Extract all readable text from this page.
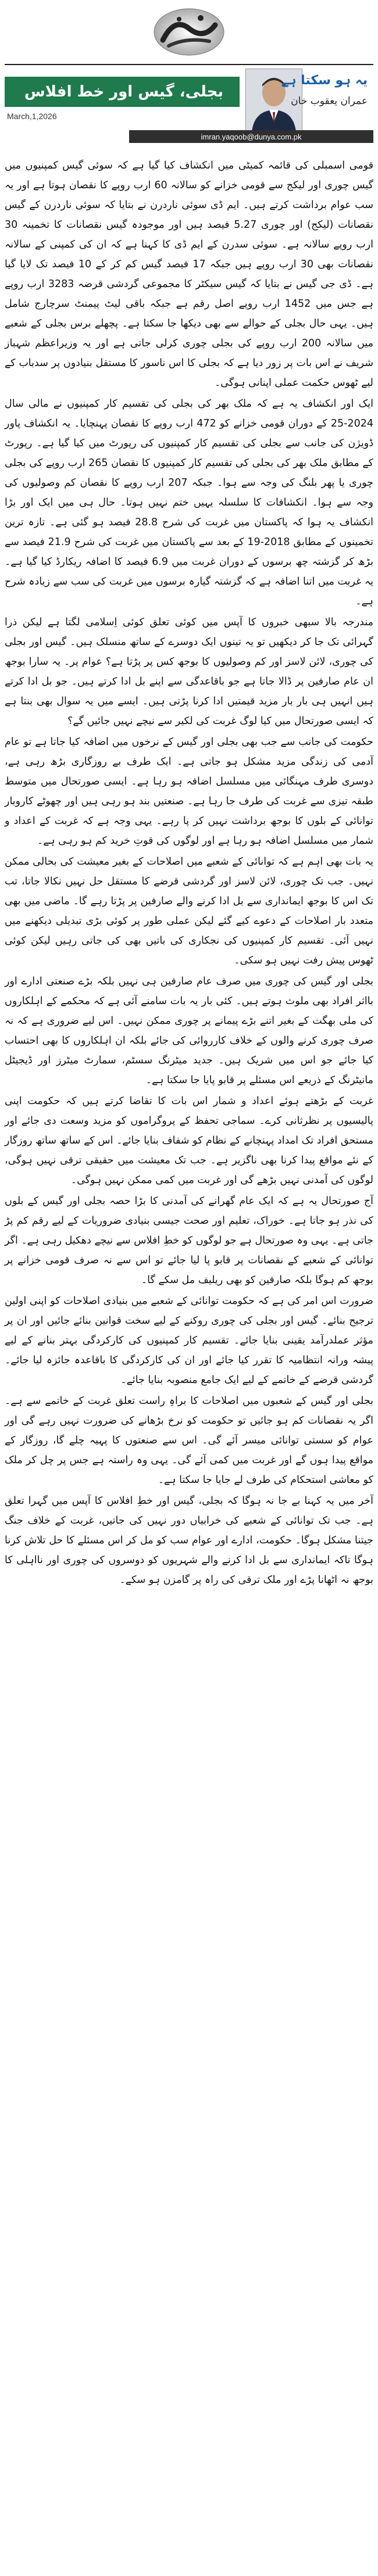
بجلی، گیس اور خط افلاس
March,1,2026
یہ ہو سکتا ہے
عمران یعقوب خان
imran.yaqoob@dunya.com.pk

قومی اسمبلی کی قائمہ کمیٹی میں انکشاف کیا گیا ہے کہ سوئی گیس کمپنیوں میں گیس چوری اور لیکج سے قومی خزانے کو سالانہ 60 ارب روپے کا نقصان ہوتا ہے اور یہ سب عوام برداشت کرتے ہیں۔ ایم ڈی سوئی ناردرن نے بتایا کہ سوئی ناردرن کے گیس نقصانات (لیکج) اور چوری 5.27 فیصد ہیں اور موجودہ گیس نقصانات کا تخمینہ 30 ارب روپے سالانہ ہے۔ سوئی سدرن کے ایم ڈی کا کہنا ہے کہ ان کی کمپنی کے سالانہ نقصانات بھی 30 ارب روپے ہیں جبکہ 17 فیصد گیس کم کر کے 10 فیصد تک لایا گیا ہے۔ ڈی جی گیس نے بتایا کہ گیس سیکٹر کا مجموعی گردشی قرضہ 3283 ارب روپے ہے جس میں 1452 ارب روپے اصل رقم ہے جبکہ باقی لیٹ پیمنٹ سرچارج شامل ہیں۔ یہی حال بجلی کے حوالے سے بھی دیکھا جا سکتا ہے۔ پچھلے برس بجلی کے شعبے میں سالانہ 200 ارب روپے کی بجلی چوری کرلی جاتی ہے اور یہ وزیراعظم شہباز شریف نے اس بات پر زور دیا ہے کہ بجلی کا اس ناسور کا مستقل بنیادوں پر سدباب کے لیے ٹھوس حکمت عملی اپنانی ہوگی۔

ایک اور انکشاف یہ ہے کہ ملک بھر کی بجلی کی تقسیم کار کمپنیوں نے مالی سال 2024-25 کے دوران قومی خزانے کو 472 ارب روپے کا نقصان پہنچایا۔ یہ انکشاف پاور ڈویژن کی جانب سے بجلی کی تقسیم کار کمپنیوں کی رپورٹ میں کیا گیا ہے۔ رپورٹ کے مطابق ملک بھر کی بجلی کی تقسیم کار کمپنیوں کا نقصان 265 ارب روپے کی بجلی چوری یا پھر بلنگ کی وجہ سے ہوا۔ جبکہ 207 ارب روپے کا نقصان کم وصولیوں کی وجہ سے ہوا۔ انکشافات کا سلسلہ یہیں ختم نہیں ہوتا۔ حال ہی میں ایک اور بڑا انکشاف یہ ہوا کہ پاکستان میں غربت کی شرح 28.8 فیصد ہو گئی ہے۔ تازہ ترین تخمینوں کے مطابق 2018-19 کے بعد سے پاکستان میں غربت کی شرح 21.9 فیصد سے بڑھ کر گزشتہ چھ برسوں کے دوران غربت میں 6.9 فیصد کا اضافہ ریکارڈ کیا گیا ہے۔ یہ غربت میں اتنا اضافہ ہے کہ گزشتہ گیارہ برسوں میں غربت کی سب سے زیادہ شرح ہے۔

مندرجہ بالا سبھی خبروں کا آپس میں کوئی تعلق کوئی اِسلامی لگتا ہے لیکن ذرا گہرائی تک جا کر دیکھیں تو یہ تینوں ایک دوسرے کے ساتھ منسلک ہیں۔ گیس اور بجلی کی چوری، لائن لاسز اور کم وصولیوں کا بوجھ کس پر پڑتا ہے؟ عوام پر۔ یہ سارا بوجھ ان عام صارفین پر ڈالا جاتا ہے جو باقاعدگی سے اپنے بل ادا کرتے ہیں۔ جو بل ادا کرتے ہیں انہیں ہی بار بار مزید قیمتیں ادا کرنا پڑتی ہیں۔ ایسے میں یہ سوال بھی بنتا ہے کہ ایسی صورتحال میں کیا لوگ غربت کی لکیر سے نیچے نہیں جائیں گے؟

حکومت کی جانب سے جب بھی بجلی اور گیس کے نرخوں میں اضافہ کیا جاتا ہے تو عام آدمی کی زندگی مزید مشکل ہو جاتی ہے۔ ایک طرف بے روزگاری بڑھ رہی ہے، دوسری طرف مہنگائی میں مسلسل اضافہ ہو رہا ہے۔ ایسی صورتحال میں متوسط طبقہ تیزی سے غربت کی طرف جا رہا ہے۔ صنعتیں بند ہو رہی ہیں اور چھوٹے کاروبار توانائی کے بلوں کا بوجھ برداشت نہیں کر پا رہے۔ یہی وجہ ہے کہ غربت کے اعداد و شمار میں مسلسل اضافہ ہو رہا ہے اور لوگوں کی قوتِ خرید کم ہو رہی ہے۔

یہ بات بھی اہم ہے کہ توانائی کے شعبے میں اصلاحات کے بغیر معیشت کی بحالی ممکن نہیں۔ جب تک چوری، لائن لاسز اور گردشی قرضے کا مستقل حل نہیں نکالا جاتا، تب تک اس کا بوجھ ایمانداری سے بل ادا کرنے والے صارفین پر پڑتا رہے گا۔ ماضی میں بھی متعدد بار اصلاحات کے دعوے کیے گئے لیکن عملی طور پر کوئی بڑی تبدیلی دیکھنے میں نہیں آئی۔ تقسیم کار کمپنیوں کی نجکاری کی باتیں بھی کی جاتی رہیں لیکن کوئی ٹھوس پیش رفت نہیں ہو سکی۔

بجلی اور گیس کی چوری میں صرف عام صارفین ہی نہیں بلکہ بڑے صنعتی ادارے اور بااثر افراد بھی ملوث ہوتے ہیں۔ کئی بار یہ بات سامنے آئی ہے کہ محکمے کے اہلکاروں کی ملی بھگت کے بغیر اتنے بڑے پیمانے پر چوری ممکن نہیں۔ اس لیے ضروری ہے کہ نہ صرف چوری کرنے والوں کے خلاف کارروائی کی جائے بلکہ ان اہلکاروں کا بھی احتساب کیا جائے جو اس میں شریک ہیں۔ جدید میٹرنگ سسٹم، سمارٹ میٹرز اور ڈیجیٹل مانیٹرنگ کے ذریعے اس مسئلے پر قابو پایا جا سکتا ہے۔

غربت کے بڑھتے ہوئے اعداد و شمار اس بات کا تقاضا کرتے ہیں کہ حکومت اپنی پالیسیوں پر نظرثانی کرے۔ سماجی تحفظ کے پروگراموں کو مزید وسعت دی جائے اور مستحق افراد تک امداد پہنچانے کے نظام کو شفاف بنایا جائے۔ اس کے ساتھ ساتھ روزگار کے نئے مواقع پیدا کرنا بھی ناگزیر ہے۔ جب تک معیشت میں حقیقی ترقی نہیں ہوگی، لوگوں کی آمدنی نہیں بڑھے گی اور غربت میں کمی ممکن نہیں ہوگی۔

آج صورتحال یہ ہے کہ ایک عام گھرانے کی آمدنی کا بڑا حصہ بجلی اور گیس کے بلوں کی نذر ہو جاتا ہے۔ خوراک، تعلیم اور صحت جیسی بنیادی ضروریات کے لیے رقم کم پڑ جاتی ہے۔ یہی وہ صورتحال ہے جو لوگوں کو خطِ افلاس سے نیچے دھکیل رہی ہے۔ اگر توانائی کے شعبے کے نقصانات پر قابو پا لیا جائے تو اس سے نہ صرف قومی خزانے پر بوجھ کم ہوگا بلکہ صارفین کو بھی ریلیف مل سکے گا۔

ضرورت اس امر کی ہے کہ حکومت توانائی کے شعبے میں بنیادی اصلاحات کو اپنی اولین ترجیح بنائے۔ گیس اور بجلی کی چوری روکنے کے لیے سخت قوانین بنائے جائیں اور ان پر مؤثر عملدرآمد یقینی بنایا جائے۔ تقسیم کار کمپنیوں کی کارکردگی بہتر بنانے کے لیے پیشہ ورانہ انتظامیہ کا تقرر کیا جائے اور ان کی کارکردگی کا باقاعدہ جائزہ لیا جائے۔ گردشی قرضے کے خاتمے کے لیے ایک جامع منصوبہ بنایا جائے۔

بجلی اور گیس کے شعبوں میں اصلاحات کا براہِ راست تعلق غربت کے خاتمے سے ہے۔ اگر یہ نقصانات کم ہو جائیں تو حکومت کو نرخ بڑھانے کی ضرورت نہیں رہے گی اور عوام کو سستی توانائی میسر آئے گی۔ اس سے صنعتوں کا پہیہ چلے گا، روزگار کے مواقع پیدا ہوں گے اور غربت میں کمی آئے گی۔ یہی وہ راستہ ہے جس پر چل کر ملک کو معاشی استحکام کی طرف لے جایا جا سکتا ہے۔

آخر میں یہ کہنا بے جا نہ ہوگا کہ بجلی، گیس اور خطِ افلاس کا آپس میں گہرا تعلق ہے۔ جب تک توانائی کے شعبے کی خرابیاں دور نہیں کی جاتیں، غربت کے خلاف جنگ جیتنا مشکل ہوگا۔ حکومت، ادارے اور عوام سب کو مل کر اس مسئلے کا حل تلاش کرنا ہوگا تاکہ ایمانداری سے بل ادا کرنے والے شہریوں کو دوسروں کی چوری اور نااہلی کا بوجھ نہ اٹھانا پڑے اور ملک ترقی کی راہ پر گامزن ہو سکے۔
